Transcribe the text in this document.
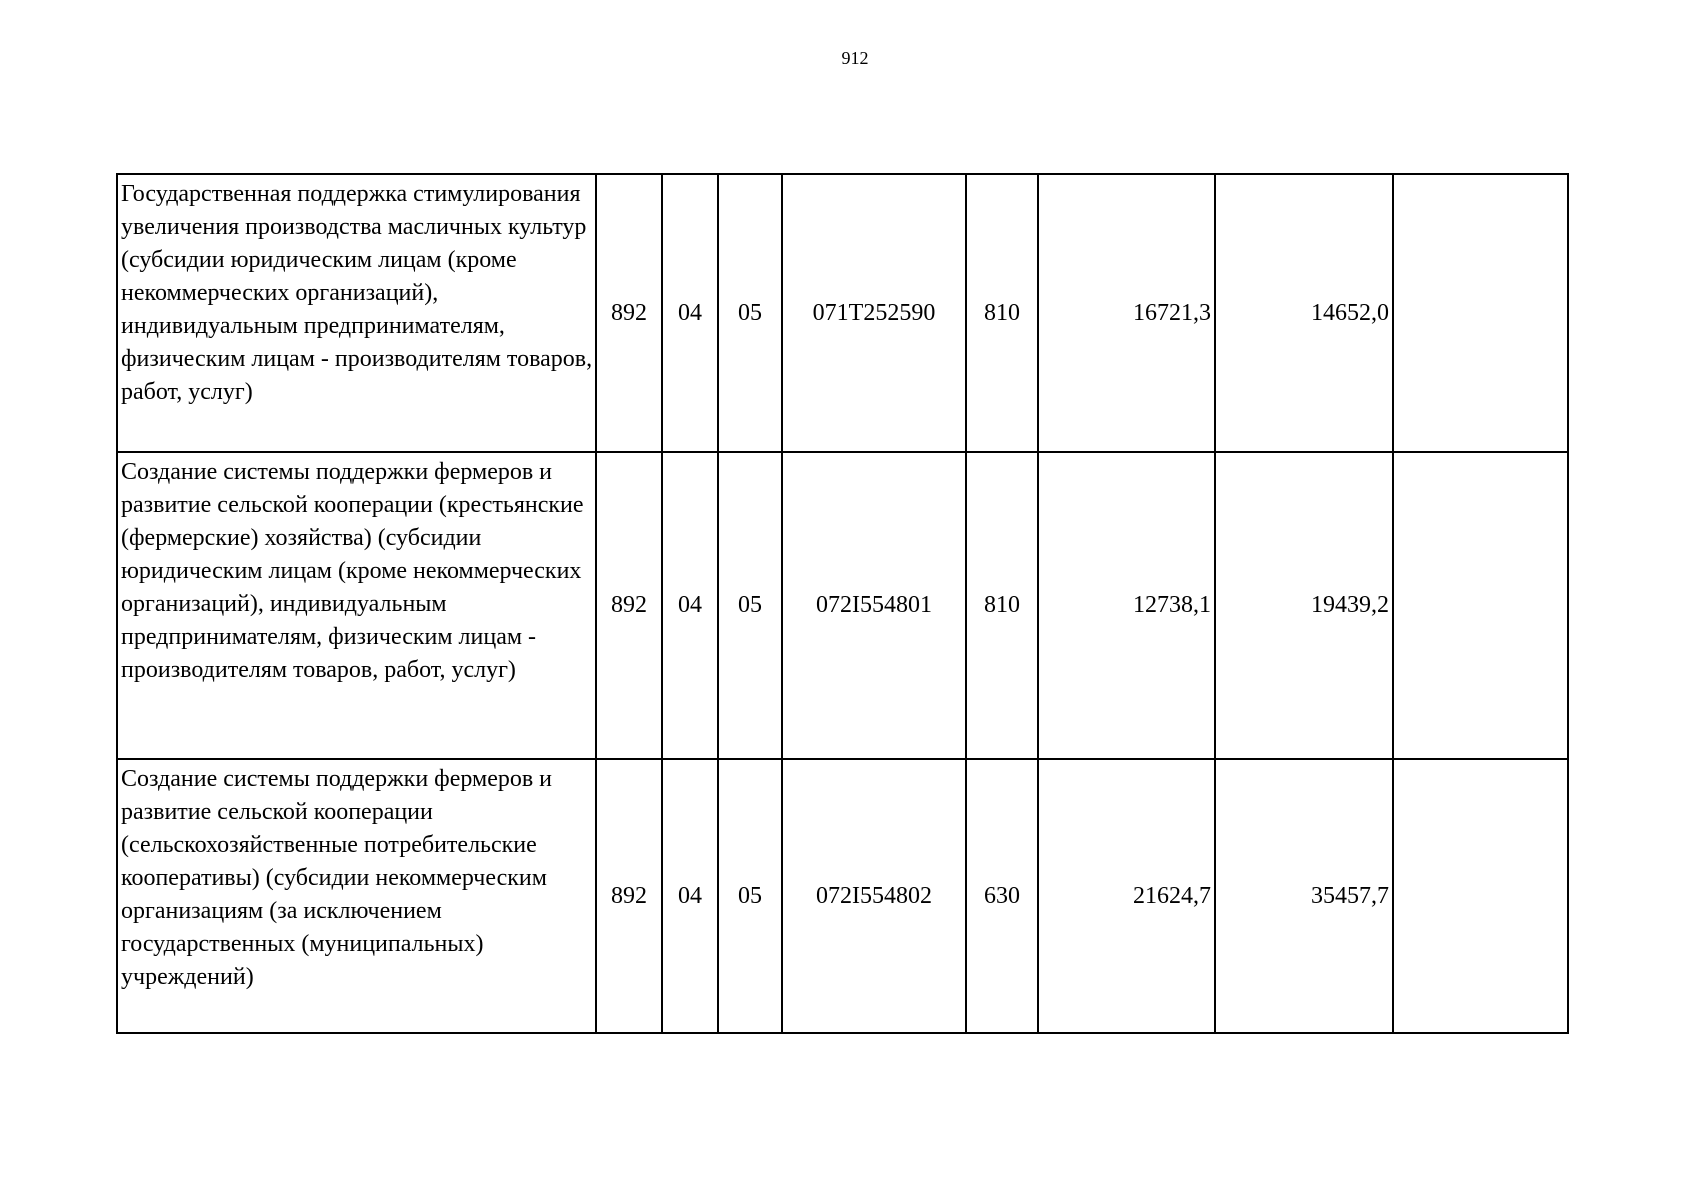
912
Государственная поддержка стимулирования увеличения производства масличных культур (субсидии юридическим лицам (кроме некоммерческих организаций), индивидуальным предпринимателям, физическим лицам - производителям товаров, работ, услуг)	892	04	05	071T252590	810	16721,3	14652,0	
Создание системы поддержки фермеров и развитие сельской кооперации (крестьянские (фермерские) хозяйства) (субсидии юридическим лицам (кроме некоммерческих организаций), индивидуальным предпринимателям, физическим лицам - производителям товаров, работ, услуг)	892	04	05	072I554801	810	12738,1	19439,2	
Создание системы поддержки фермеров и развитие сельской кооперации (сельскохозяйственные потребительские кооперативы) (субсидии некоммерческим организациям (за исключением государственных (муниципальных) учреждений)	892	04	05	072I554802	630	21624,7	35457,7	
